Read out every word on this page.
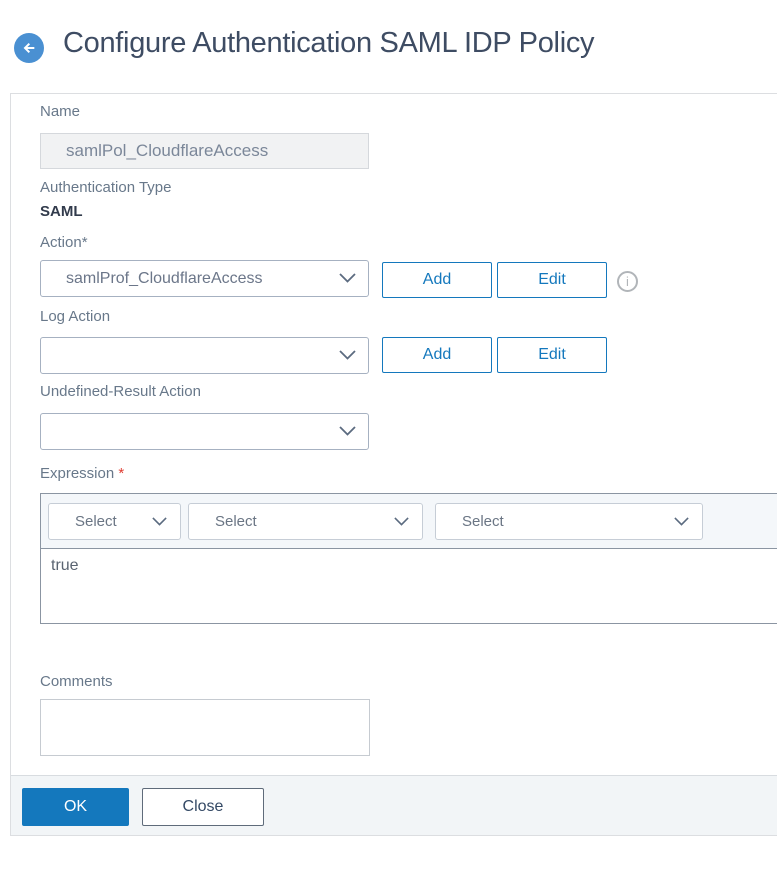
Configure Authentication SAML IDP Policy
Name
samlPol_CloudflareAccess
Authentication Type
SAML
Action*
samlProf_CloudflareAccess	Add	Edit	i
Log Action
Add	Edit
Undefined-Result Action
Expression *
Select	Select	Select
true
Comments
OK	Close
